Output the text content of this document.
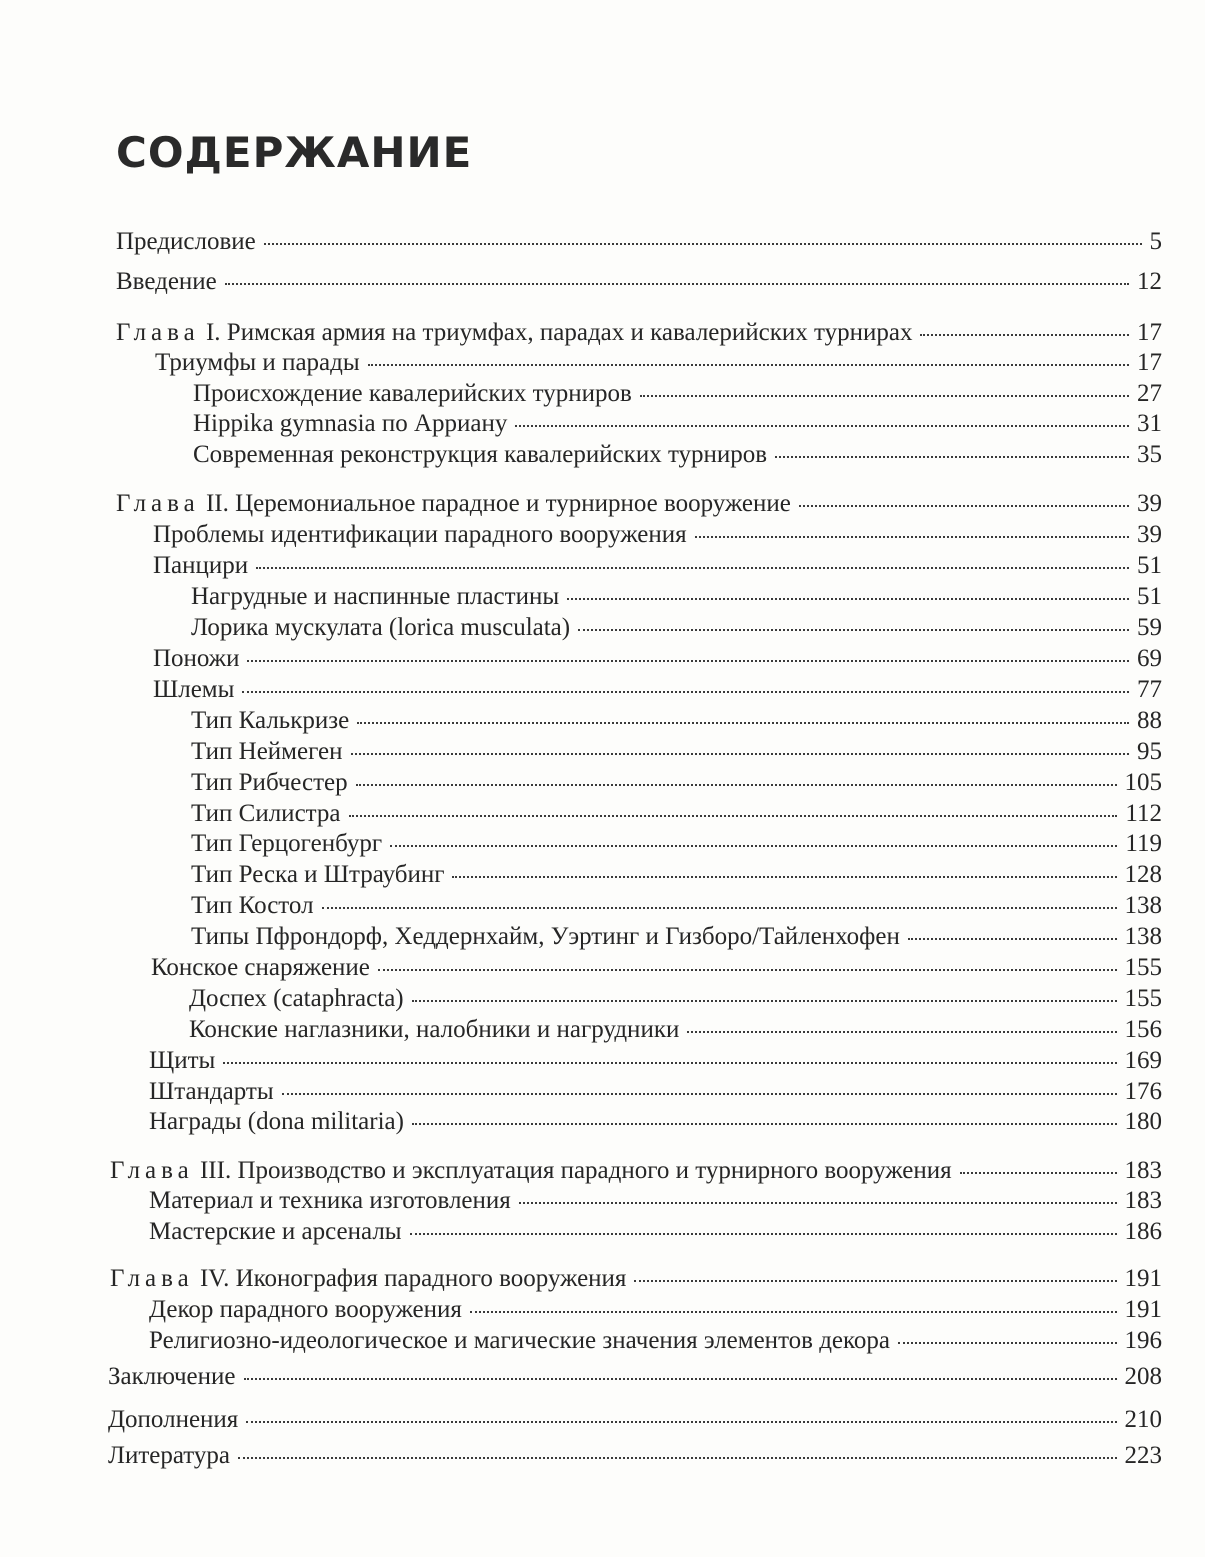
СОДЕРЖАНИЕ
Предисловие	5
Введение	12
Глава I. Римская армия на триумфах, парадах и кавалерийских турнирах	17
Триумфы и парады	17
Происхождение кавалерийских турниров	27
Hippika gymnasia по Арриану	31
Современная реконструкция кавалерийских турниров	35
Глава II. Церемониальное парадное и турнирное вооружение	39
Проблемы идентификации парадного вооружения	39
Панцири	51
Нагрудные и наспинные пластины	51
Лорика мускулата (lorica musculata)	59
Поножи	69
Шлемы	77
Тип Калькризе	88
Тип Неймеген	95
Тип Рибчестер	105
Тип Силистра	112
Тип Герцогенбург	119
Тип Реска и Штраубинг	128
Тип Костол	138
Типы Пфрондорф, Хеддернхайм, Уэртинг и Гизборо/Тайленхофен	138
Конское снаряжение	155
Доспех (cataphracta)	155
Конские наглазники, налобники и нагрудники	156
Щиты	169
Штандарты	176
Награды (dona militaria)	180
Глава III. Производство и эксплуатация парадного и турнирного вооружения	183
Материал и техника изготовления	183
Мастерские и арсеналы	186
Глава IV. Иконография парадного вооружения	191
Декор парадного вооружения	191
Религиозно-идеологическое и магические значения элементов декора	196
Заключение	208
Дополнения	210
Литература	223
